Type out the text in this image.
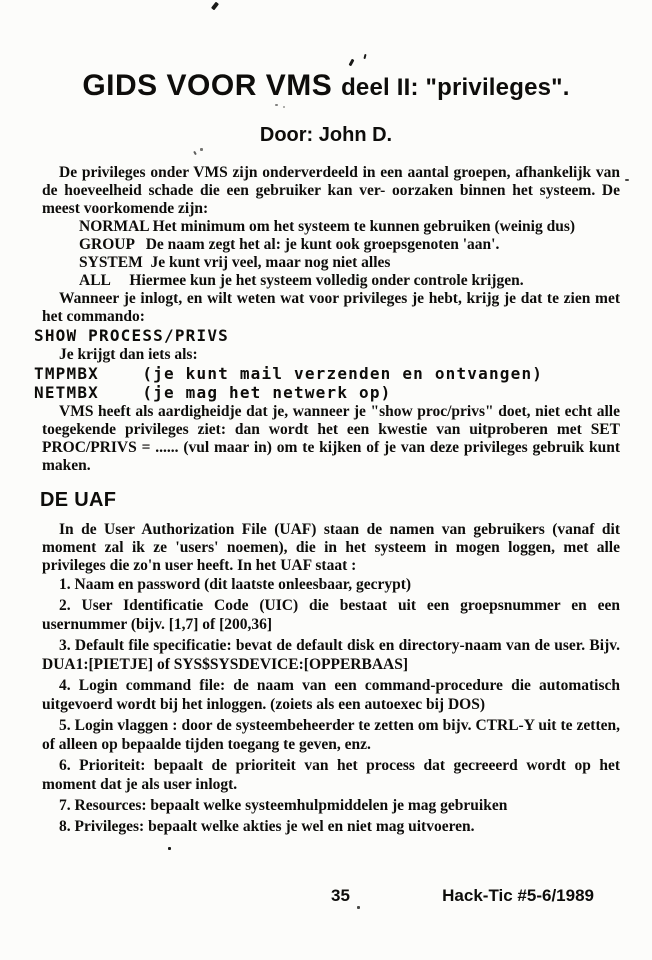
GIDS VOOR VMS deel II: "privileges".
Door: John D.

De privileges onder VMS zijn onderverdeeld in een aantal groepen, afhankelijk van de hoeveelheid schade die een gebruiker kan ver- oorzaken binnen het systeem. De meest voorkomende zijn:

NORMAL Het minimum om het systeem te kunnen gebruiken (weinig dus)
GROUP   De naam zegt het al: je kunt ook groepsgenoten 'aan'.
SYSTEM  Je kunt vrij veel, maar nog niet alles
ALL     Hiermee kun je het systeem volledig onder controle krijgen.

Wanneer je inlogt, en wilt weten wat voor privileges je hebt, krijg je dat te zien met het commando:

SHOW PROCESS/PRIVS

Je krijgt dan iets als:

TMPMBX    (je kunt mail verzenden en ontvangen)
NETMBX    (je mag het netwerk op)

VMS heeft als aardigheidje dat je, wanneer je "show proc/privs" doet, niet echt alle toegekende privileges ziet: dan wordt het een kwestie van uitproberen met SET PROC/PRIVS = ...... (vul maar in) om te kijken of je van deze privileges gebruik kunt maken.

DE UAF

In de User Authorization File (UAF) staan de namen van gebruikers (vanaf dit moment zal ik ze 'users' noemen), die in het systeem in mogen loggen, met alle privileges die zo'n user heeft. In het UAF staat :

1. Naam en password (dit laatste onleesbaar, gecrypt)

2. User Identificatie Code (UIC) die bestaat uit een groepsnummer en een usernummer (bijv. [1,7] of [200,36]

3. Default file specificatie: bevat de default disk en directory-naam van de user. Bijv. DUA1:[PIETJE] of SYS$SYSDEVICE:[OPPERBAAS]

4. Login command file: de naam van een command-procedure die automatisch uitgevoerd wordt bij het inloggen. (zoiets als een autoexec bij DOS)

5. Login vlaggen : door de systeembeheerder te zetten om bijv. CTRL-Y uit te zetten, of alleen op bepaalde tijden toegang te geven, enz.

6. Prioriteit: bepaalt de prioriteit van het process dat gecreeerd wordt op het moment dat je als user inlogt.

7. Resources: bepaalt welke systeemhulpmiddelen je mag gebruiken

8. Privileges: bepaalt welke akties je wel en niet mag uitvoeren.

35	Hack-Tic #5-6/1989
